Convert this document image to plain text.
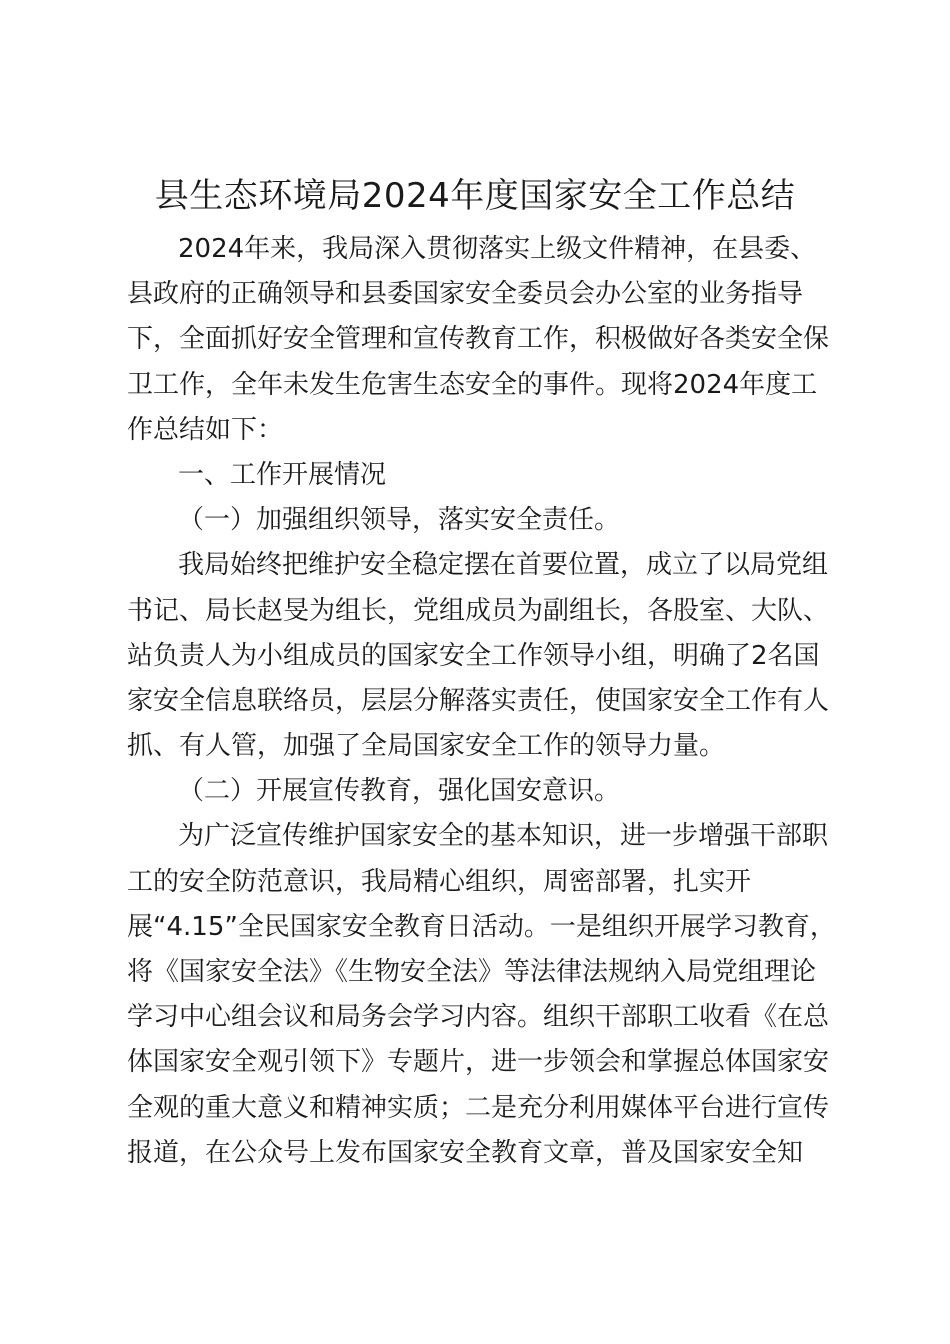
县生态环境局2024年度国家安全工作总结
2024年来，我局深入贯彻落实上级文件精神，在县委、
县政府的正确领导和县委国家安全委员会办公室的业务指导
下，全面抓好安全管理和宣传教育工作，积极做好各类安全保
卫工作，全年未发生危害生态安全的事件。现将2024年度工
作总结如下：
一、工作开展情况
（一）加强组织领导，落实安全责任。
我局始终把维护安全稳定摆在首要位置，成立了以局党组
书记、局长赵旻为组长，党组成员为副组长，各股室、大队、
站负责人为小组成员的国家安全工作领导小组，明确了2名国
家安全信息联络员，层层分解落实责任，使国家安全工作有人
抓、有人管，加强了全局国家安全工作的领导力量。
（二）开展宣传教育，强化国安意识。
为广泛宣传维护国家安全的基本知识，进一步增强干部职
工的安全防范意识，我局精心组织，周密部署，扎实开
展“4.15”全民国家安全教育日活动。一是组织开展学习教育，
将《国家安全法》《生物安全法》等法律法规纳入局党组理论
学习中心组会议和局务会学习内容。组织干部职工收看《在总
体国家安全观引领下》专题片，进一步领会和掌握总体国家安
全观的重大意义和精神实质；二是充分利用媒体平台进行宣传
报道，在公众号上发布国家安全教育文章，普及国家安全知
